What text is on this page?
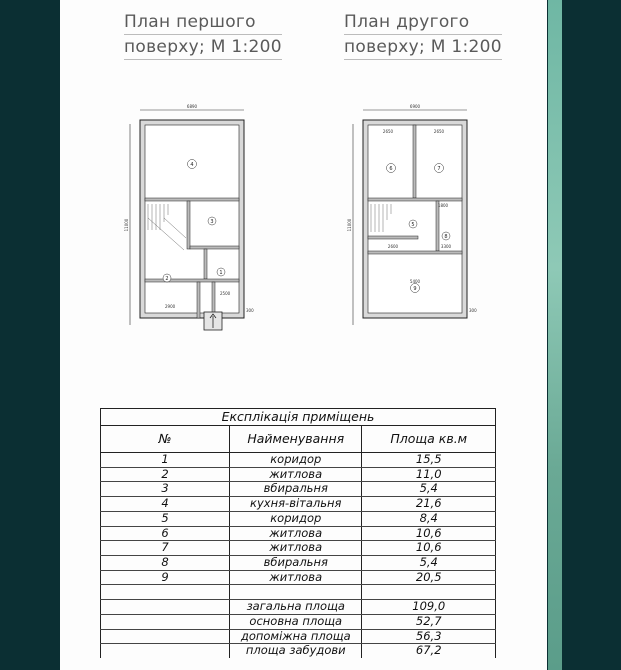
План першого
поверху; М 1:200
План другого
поверху; М 1:200
6890
11000
4
3
2
1
300
2900
2500
6900
11000
2650	2650
1800
2600	3300
5400
6	7
5
8
9
300
Експлікація приміщень		
№	Найменування	Площа кв.м
1	коридор	15,5
2	житлова	11,0
3	вбиральня	5,4
4	кухня-вітальня	21,6
5	коридор	8,4
6	житлова	10,6
7	житлова	10,6
8	вбиральня	5,4
9	житлова	20,5

	загальна площа	109,0
	основна площа	52,7
	допоміжна площа	56,3
	площа забудови	67,2
